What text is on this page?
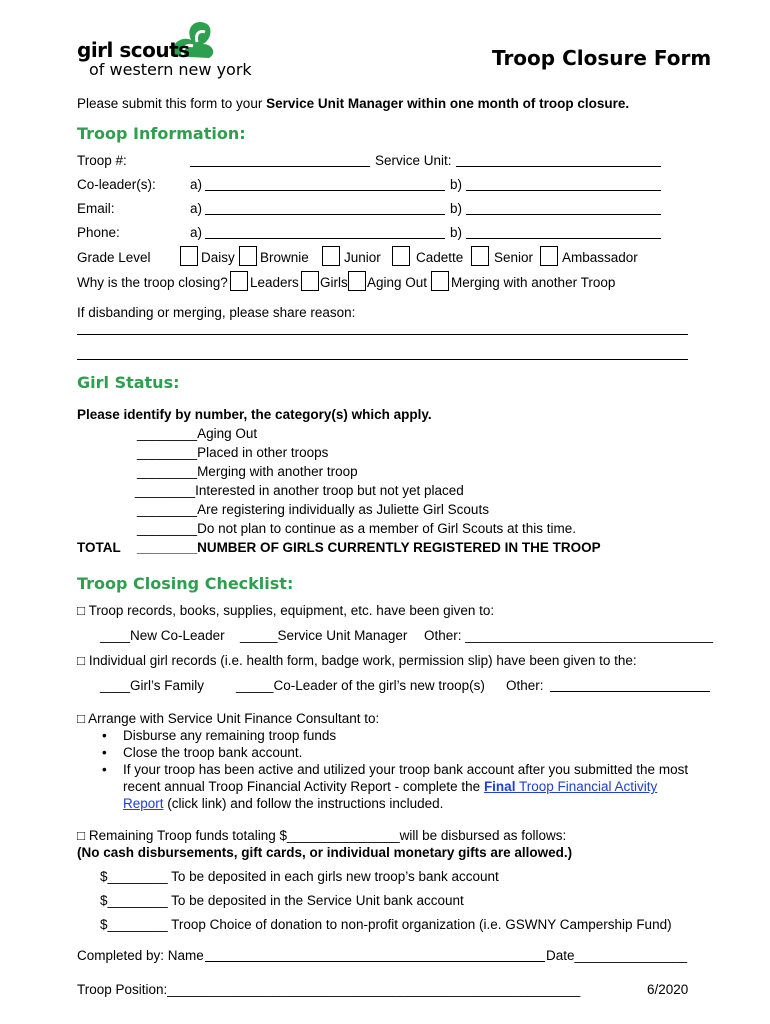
girl scouts
of western new york	Troop Closure Form
Please submit this form to your Service Unit Manager within one month of troop closure.
Troop Information:
Troop #:	Service Unit:
Co-leader(s):	a)	b)
Email:	a)	b)
Phone:	a)	b)
Grade Level	Daisy Brownie	Junior	Cadette Senior Ambassador
Why is the troop closing? Leaders Girls Aging Out Merging with another Troop
If disbanding or merging, please share reason:
Girl Status:
Please identify by number, the category(s) which apply.
________Aging Out
________Placed in other troops
________Merging with another troop
________Interested in another troop but not yet placed
________Are registering individually as Juliette Girl Scouts
________Do not plan to continue as a member of Girl Scouts at this time.
TOTAL ________NUMBER OF GIRLS CURRENTLY REGISTERED IN THE TROOP
Troop Closing Checklist:
□ Troop records, books, supplies, equipment, etc. have been given to:
____New Co-Leader _____Service Unit Manager Other: _________________________________
□ Individual girl records (i.e. health form, badge work, permission slip) have been given to the:
____Girl’s Family _____Co-Leader of the girl’s new troop(s) Other:
□ Arrange with Service Unit Finance Consultant to:
• Disburse any remaining troop funds
• Close the troop bank account.
• If your troop has been active and utilized your troop bank account after you submitted the most
recent annual Troop Financial Activity Report - complete the Final Troop Financial Activity
Report (click link) and follow the instructions included.
□ Remaining Troop funds totaling $_______________will be disbursed as follows:
(No cash disbursements, gift cards, or individual monetary gifts are allowed.)
$________ To be deposited in each girls new troop’s bank account
$________ To be deposited in the Service Unit bank account
$________ Troop Choice of donation to non-profit organization (i.e. GSWNY Campership Fund)
Completed by: Name	Date_______________
Troop Position:_______________________________________________________	6/2020
